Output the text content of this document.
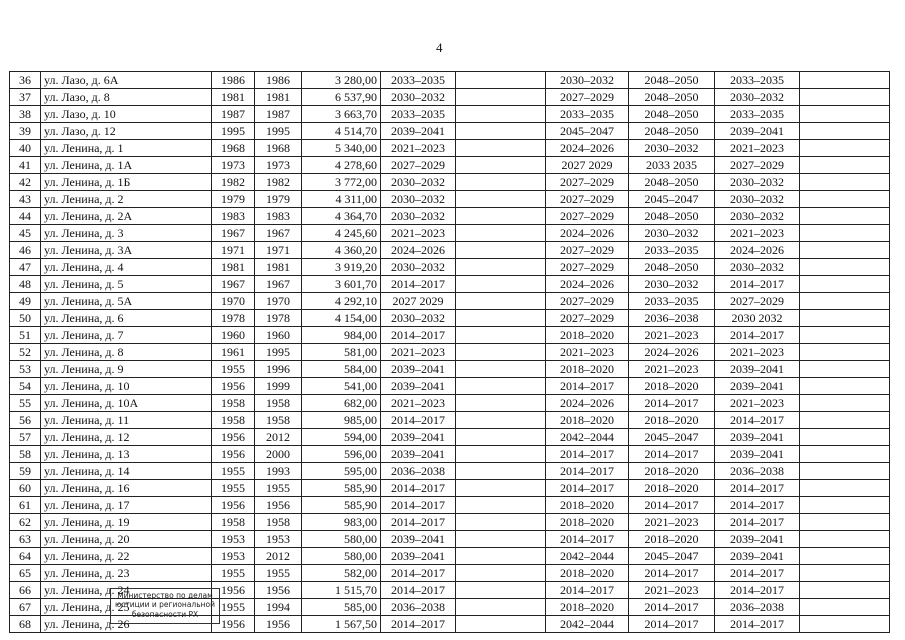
4
36	ул. Лазо, д. 6А	1986	1986	3 280,00	2033–2035		2030–2032	2048–2050	2033–2035	
37	ул. Лазо, д. 8	1981	1981	6 537,90	2030–2032		2027–2029	2048–2050	2030–2032	
38	ул. Лазо, д. 10	1987	1987	3 663,70	2033–2035		2033–2035	2048–2050	2033–2035	
39	ул. Лазо, д. 12	1995	1995	4 514,70	2039–2041		2045–2047	2048–2050	2039–2041	
40	ул. Ленина, д. 1	1968	1968	5 340,00	2021–2023		2024–2026	2030–2032	2021–2023	
41	ул. Ленина, д. 1А	1973	1973	4 278,60	2027–2029		2027 2029	2033 2035	2027–2029	
42	ул. Ленина, д. 1Б	1982	1982	3 772,00	2030–2032		2027–2029	2048–2050	2030–2032	
43	ул. Ленина, д. 2	1979	1979	4 311,00	2030–2032		2027–2029	2045–2047	2030–2032	
44	ул. Ленина, д. 2А	1983	1983	4 364,70	2030–2032		2027–2029	2048–2050	2030–2032	
45	ул. Ленина, д. 3	1967	1967	4 245,60	2021–2023		2024–2026	2030–2032	2021–2023	
46	ул. Ленина, д. 3А	1971	1971	4 360,20	2024–2026		2027–2029	2033–2035	2024–2026	
47	ул. Ленина, д. 4	1981	1981	3 919,20	2030–2032		2027–2029	2048–2050	2030–2032	
48	ул. Ленина, д. 5	1967	1967	3 601,70	2014–2017		2024–2026	2030–2032	2014–2017	
49	ул. Ленина, д. 5А	1970	1970	4 292,10	2027 2029		2027–2029	2033–2035	2027–2029	
50	ул. Ленина, д. 6	1978	1978	4 154,00	2030–2032		2027–2029	2036–2038	2030 2032	
51	ул. Ленина, д. 7	1960	1960	984,00	2014–2017		2018–2020	2021–2023	2014–2017	
52	ул. Ленина, д. 8	1961	1995	581,00	2021–2023		2021–2023	2024–2026	2021–2023	
53	ул. Ленина, д. 9	1955	1996	584,00	2039–2041		2018–2020	2021–2023	2039–2041	
54	ул. Ленина, д. 10	1956	1999	541,00	2039–2041		2014–2017	2018–2020	2039–2041	
55	ул. Ленина, д. 10А	1958	1958	682,00	2021–2023		2024–2026	2014–2017	2021–2023	
56	ул. Ленина, д. 11	1958	1958	985,00	2014–2017		2018–2020	2018–2020	2014–2017	
57	ул. Ленина, д. 12	1956	2012	594,00	2039–2041		2042–2044	2045–2047	2039–2041	
58	ул. Ленина, д. 13	1956	2000	596,00	2039–2041		2014–2017	2014–2017	2039–2041	
59	ул. Ленина, д. 14	1955	1993	595,00	2036–2038		2014–2017	2018–2020	2036–2038	
60	ул. Ленина, д. 16	1955	1955	585,90	2014–2017		2014–2017	2018–2020	2014–2017	
61	ул. Ленина, д. 17	1956	1956	585,90	2014–2017		2018–2020	2014–2017	2014–2017	
62	ул. Ленина, д. 19	1958	1958	983,00	2014–2017		2018–2020	2021–2023	2014–2017	
63	ул. Ленина, д. 20	1953	1953	580,00	2039–2041		2014–2017	2018–2020	2039–2041	
64	ул. Ленина, д. 22	1953	2012	580,00	2039–2041		2042–2044	2045–2047	2039–2041	
65	ул. Ленина, д. 23	1955	1955	582,00	2014–2017		2018–2020	2014–2017	2014–2017	
66	ул. Ленина, д. 24	1956	1956	1 515,70	2014–2017		2014–2017	2021–2023	2014–2017	
67	ул. Ленина, д. 25	1955	1994	585,00	2036–2038		2018–2020	2014–2017	2036–2038	
68	ул. Ленина, д. 26	1956	1956	1 567,50	2014–2017		2042–2044	2014–2017	2014–2017	
Министерство по делам
юстиции и региональной
безопасности РХ
